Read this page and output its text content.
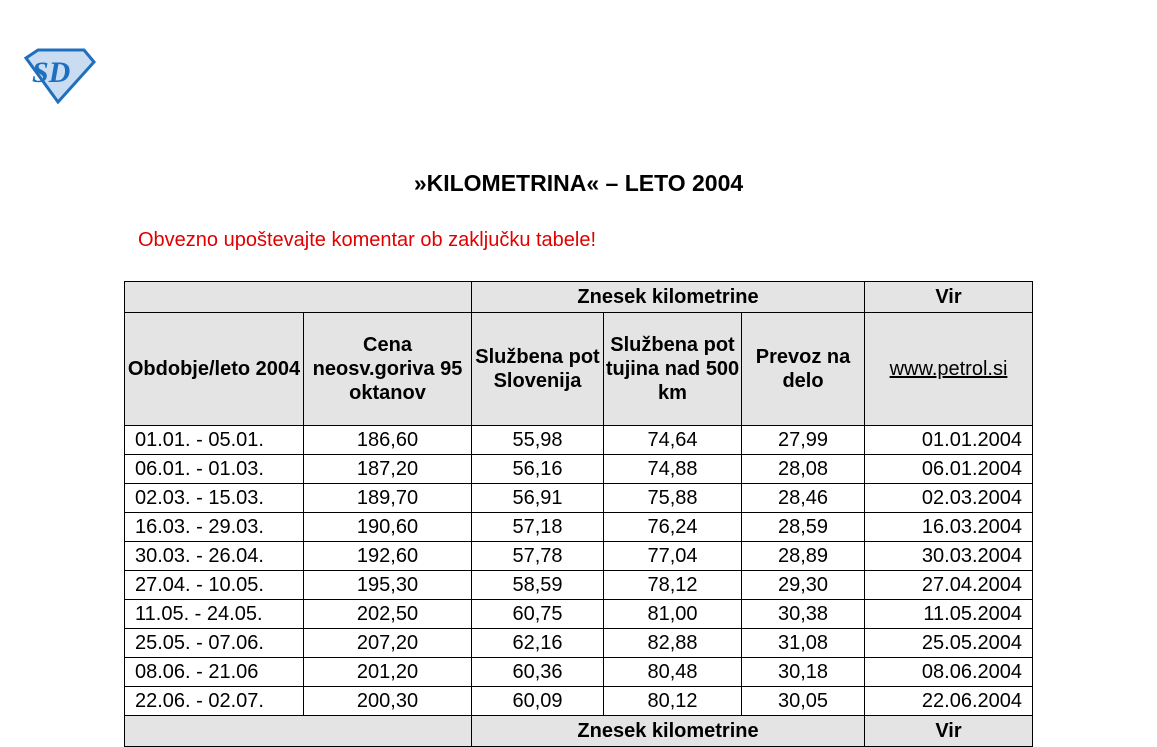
SD
»KILOMETRINA« – LETO 2004
Obvezno upoštevajte komentar ob zaključku tabele!
		Znesek kilometrine			Vir
Obdobje/leto 2004	Cena neosv.goriva 95 oktanov	Službena pot Slovenija	Službena pot tujina nad 500 km	Prevoz na delo	www.petrol.si
01.01. - 05.01.	186,60	55,98	74,64	27,99	01.01.2004
06.01. - 01.03.	187,20	56,16	74,88	28,08	06.01.2004
02.03. - 15.03.	189,70	56,91	75,88	28,46	02.03.2004
16.03. - 29.03.	190,60	57,18	76,24	28,59	16.03.2004
30.03. - 26.04.	192,60	57,78	77,04	28,89	30.03.2004
27.04. - 10.05.	195,30	58,59	78,12	29,30	27.04.2004
11.05. - 24.05.	202,50	60,75	81,00	30,38	11.05.2004
25.05. - 07.06.	207,20	62,16	82,88	31,08	25.05.2004
08.06. - 21.06	201,20	60,36	80,48	30,18	08.06.2004
22.06. - 02.07.	200,30	60,09	80,12	30,05	22.06.2004
		Znesek kilometrine			Vir
